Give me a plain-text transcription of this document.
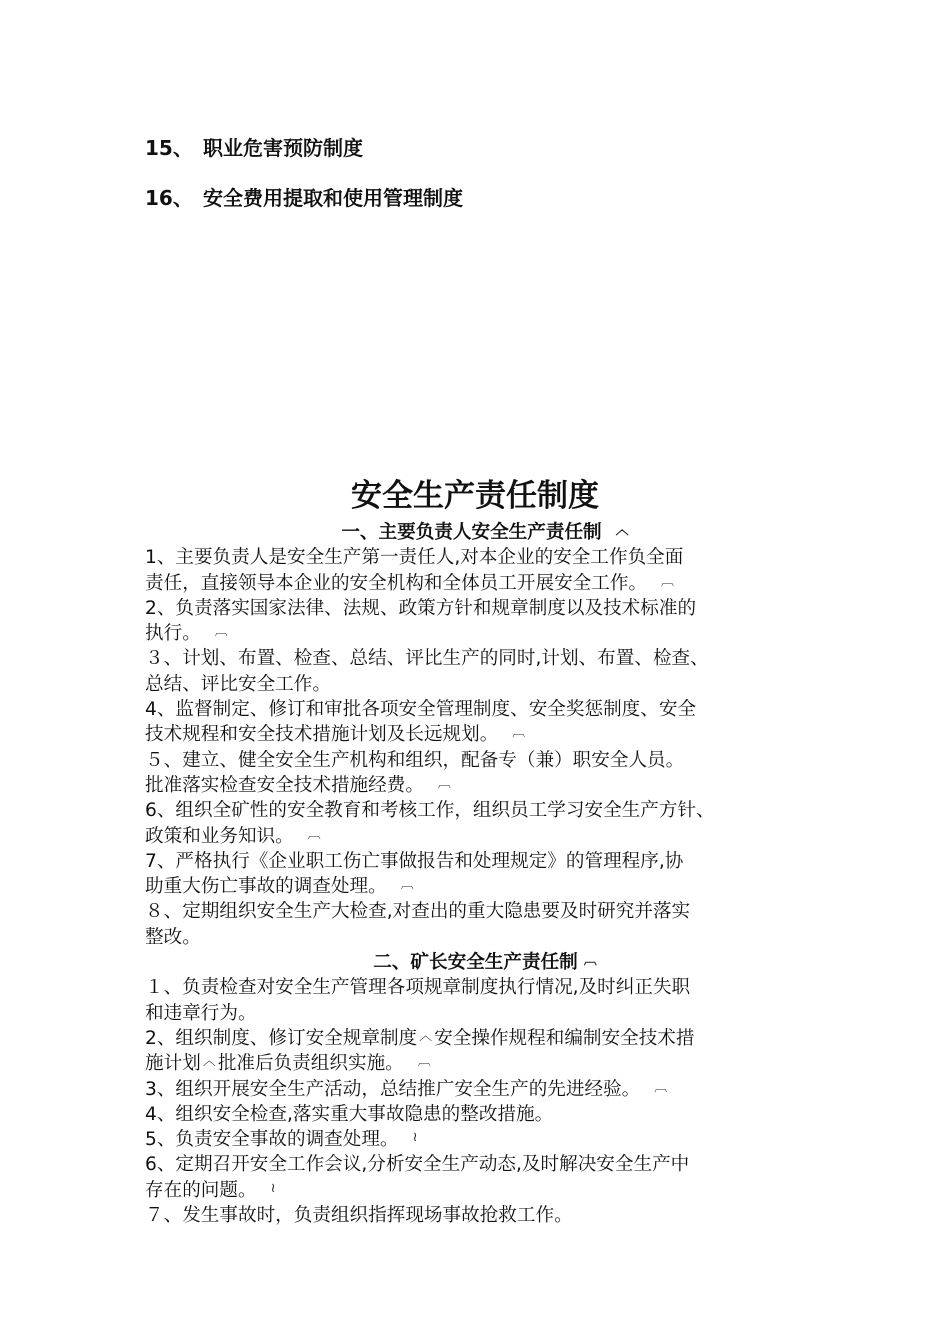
15、 职业危害预防制度
16、 安全费用提取和使用管理制度
安全生产责任制度

一、主要负责人安全生产责任制 ︿

1、主要负责人是安全生产第一责任人,对本企业的安全工作负全面

责任，直接领导本企业的安全机构和全体员工开展安全工作。 ︹

2、负责落实国家法律、法规、政策方针和规章制度以及技术标准的

执行。 ︹

３、计划、布置、检查、总结、评比生产的同时,计划、布置、检查、

总结、评比安全工作。

4、监督制定、修订和审批各项安全管理制度、安全奖惩制度、安全

技术规程和安全技术措施计划及长远规划。 ︹

５、建立、健全安全生产机构和组织，配备专（兼）职安全人员。

批准落实检查安全技术措施经费。 ︹

6、组织全矿性的安全教育和考核工作，组织员工学习安全生产方针、

政策和业务知识。 ︹

7、严格执行《企业职工伤亡事做报告和处理规定》的管理程序,协

助重大伤亡事故的调查处理。 ︹

８、定期组织安全生产大检查,对查出的重大隐患要及时研究并落实

整改。

二、矿长安全生产责任制 ︹

１、负责检查对安全生产管理各项规章制度执行情况,及时纠正失职

和违章行为。

2、组织制度、修订安全规章制度 ︿ 安全操作规程和编制安全技术措

施计划 ︿ 批准后负责组织实施。 ︹

3、组织开展安全生产活动，总结推广安全生产的先进经验。 ︹

4、组织安全检查,落实重大事故隐患的整改措施。

5、负责安全事故的调查处理。 ≀

6、定期召开安全工作会议,分析安全生产动态,及时解决安全生产中

存在的问题。 ≀

７、发生事故时，负责组织指挥现场事故抢救工作。
